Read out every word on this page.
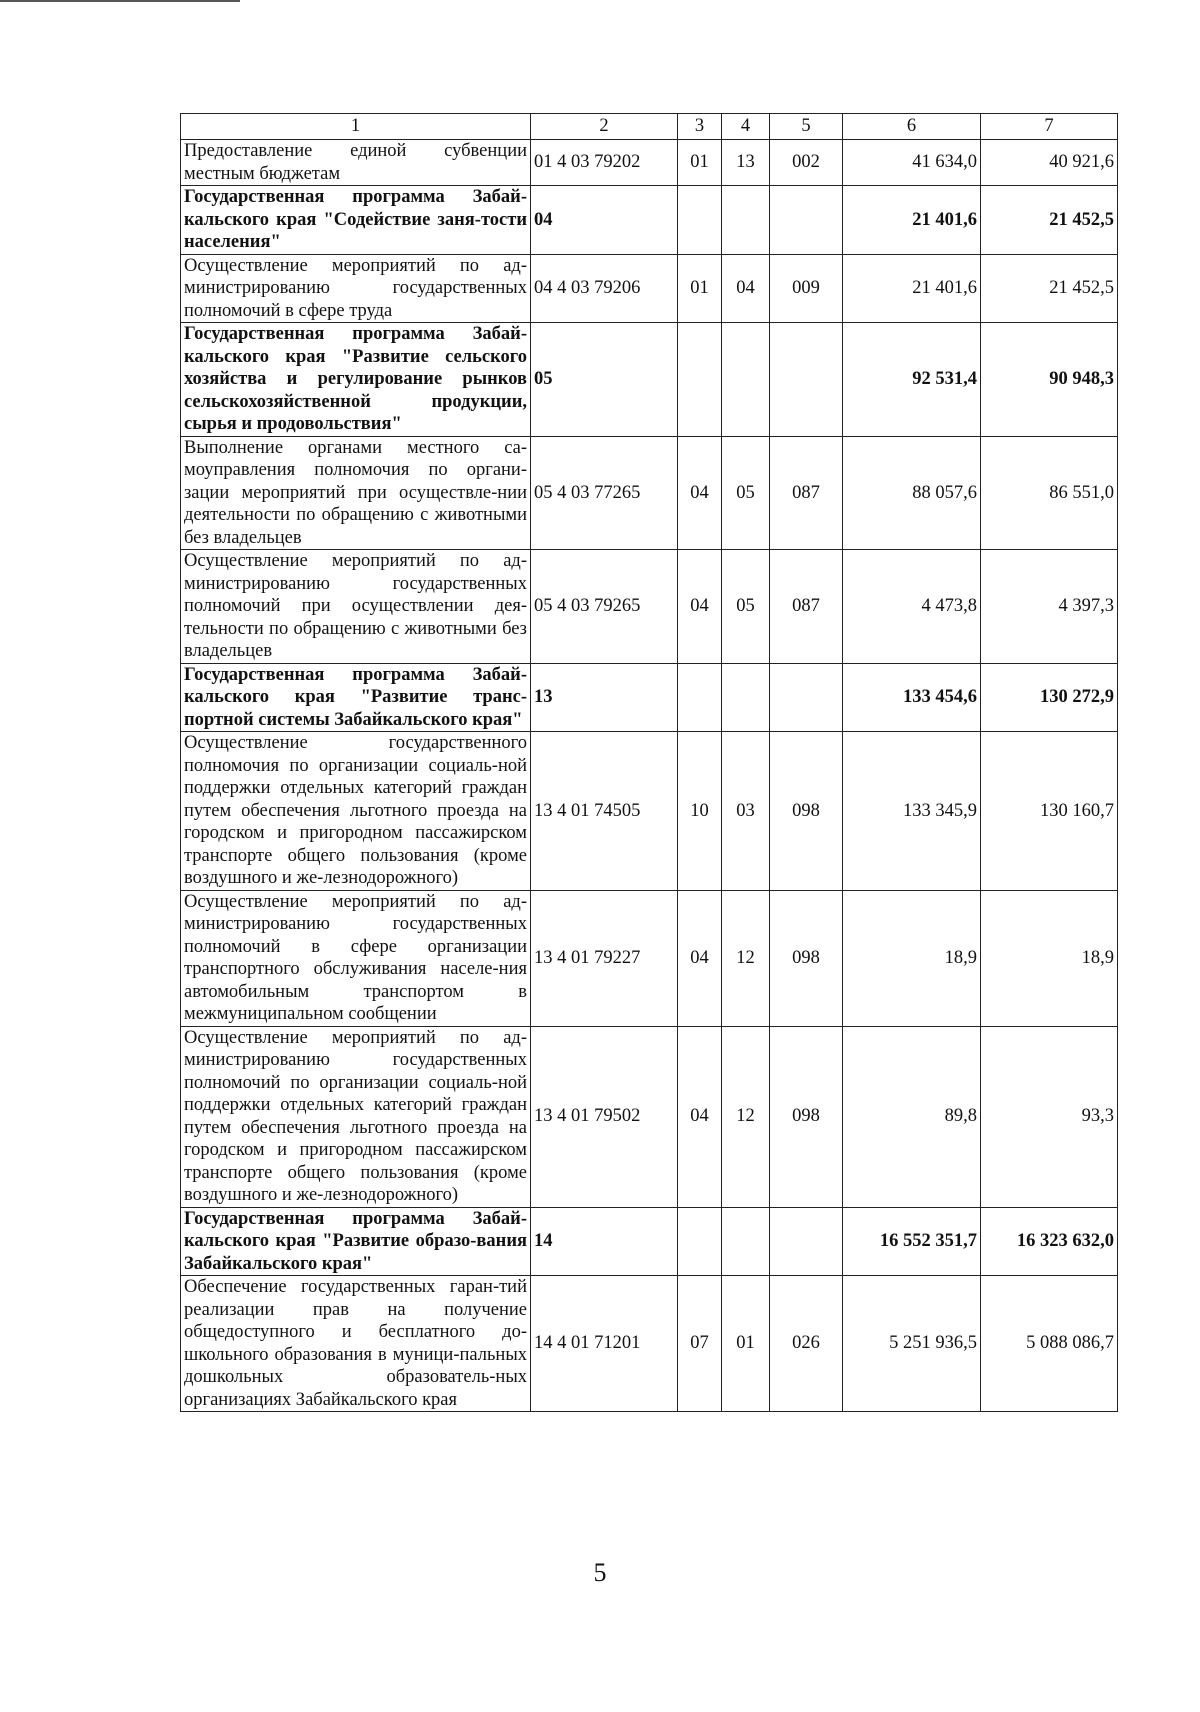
1	2	3	4	5	6	7
Предоставление единой субвенции местным бюджетам	01 4 03 79202	01	13	002	41 634,0	40 921,6
Государственная программа Забай-кальского края "Содействие заня-тости населения"	04				21 401,6	21 452,5
Осуществление мероприятий по ад-министрированию государственных полномочий в сфере труда	04 4 03 79206	01	04	009	21 401,6	21 452,5
Государственная программа Забай-кальского края "Развитие сельского хозяйства и регулирование рынков сельскохозяйственной продукции, сырья и продовольствия"	05				92 531,4	90 948,3
Выполнение органами местного са-моуправления полномочия по органи-зации мероприятий при осуществле-нии деятельности по обращению с животными без владельцев	05 4 03 77265	04	05	087	88 057,6	86 551,0
Осуществление мероприятий по ад-министрированию государственных полномочий при осуществлении дея-тельности по обращению с животными без владельцев	05 4 03 79265	04	05	087	4 473,8	4 397,3
Государственная программа Забай-кальского края "Развитие транс-портной системы Забайкальского края"	13				133 454,6	130 272,9
Осуществление государственного полномочия по организации социаль-ной поддержки отдельных категорий граждан путем обеспечения льготного проезда на городском и пригородном пассажирском транспорте общего пользования (кроме воздушного и же-лезнодорожного)	13 4 01 74505	10	03	098	133 345,9	130 160,7
Осуществление мероприятий по ад-министрированию государственных полномочий в сфере организации транспортного обслуживания населе-ния автомобильным транспортом в межмуниципальном сообщении	13 4 01 79227	04	12	098	18,9	18,9
Осуществление мероприятий по ад-министрированию государственных полномочий по организации социаль-ной поддержки отдельных категорий граждан путем обеспечения льготного проезда на городском и пригородном пассажирском транспорте общего пользования (кроме воздушного и же-лезнодорожного)	13 4 01 79502	04	12	098	89,8	93,3
Государственная программа Забай-кальского края "Развитие образо-вания Забайкальского края"	14				16 552 351,7	16 323 632,0
Обеспечение государственных гаран-тий реализации прав на получение общедоступного и бесплатного до-школьного образования в муници-пальных дошкольных образователь-ных организациях Забайкальского края	14 4 01 71201	07	01	026	5 251 936,5	5 088 086,7
5
